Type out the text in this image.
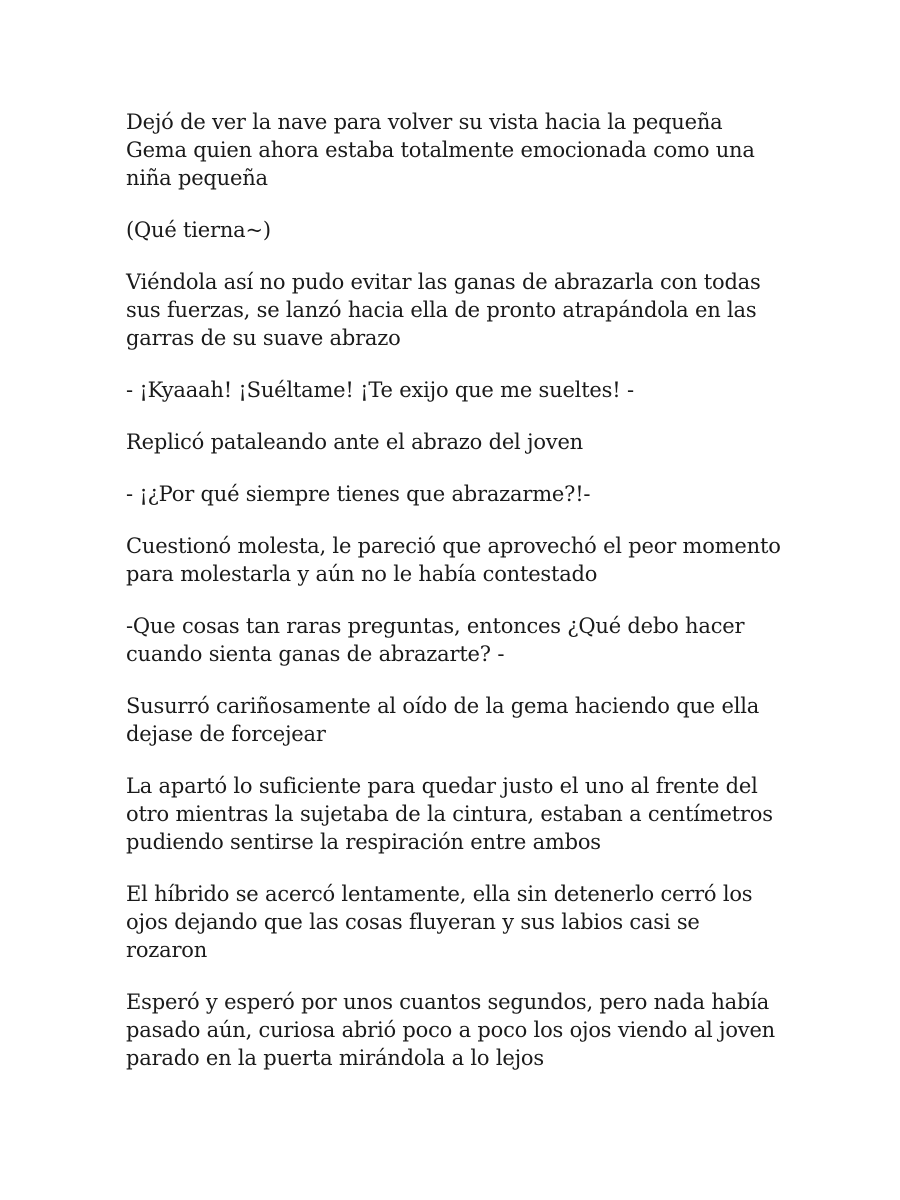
Dejó de ver la nave para volver su vista hacia la pequeña Gema quien ahora estaba totalmente emocionada como una niña pequeña

(Qué tierna~)

Viéndola así no pudo evitar las ganas de abrazarla con todas sus fuerzas, se lanzó hacia ella de pronto atrapándola en las garras de su suave abrazo

- ¡Kyaaah! ¡Suéltame! ¡Te exijo que me sueltes! -

Replicó pataleando ante el abrazo del joven

- ¡¿Por qué siempre tienes que abrazarme?!-

Cuestionó molesta, le pareció que aprovechó el peor momento para molestarla y aún no le había contestado

-Que cosas tan raras preguntas, entonces ¿Qué debo hacer cuando sienta ganas de abrazarte? -

Susurró cariñosamente al oído de la gema haciendo que ella dejase de forcejear

La apartó lo suficiente para quedar justo el uno al frente del otro mientras la sujetaba de la cintura, estaban a centímetros pudiendo sentirse la respiración entre ambos

El híbrido se acercó lentamente, ella sin detenerlo cerró los ojos dejando que las cosas fluyeran y sus labios casi se rozaron

Esperó y esperó por unos cuantos segundos, pero nada había pasado aún, curiosa abrió poco a poco los ojos viendo al joven parado en la puerta mirándola a lo lejos
